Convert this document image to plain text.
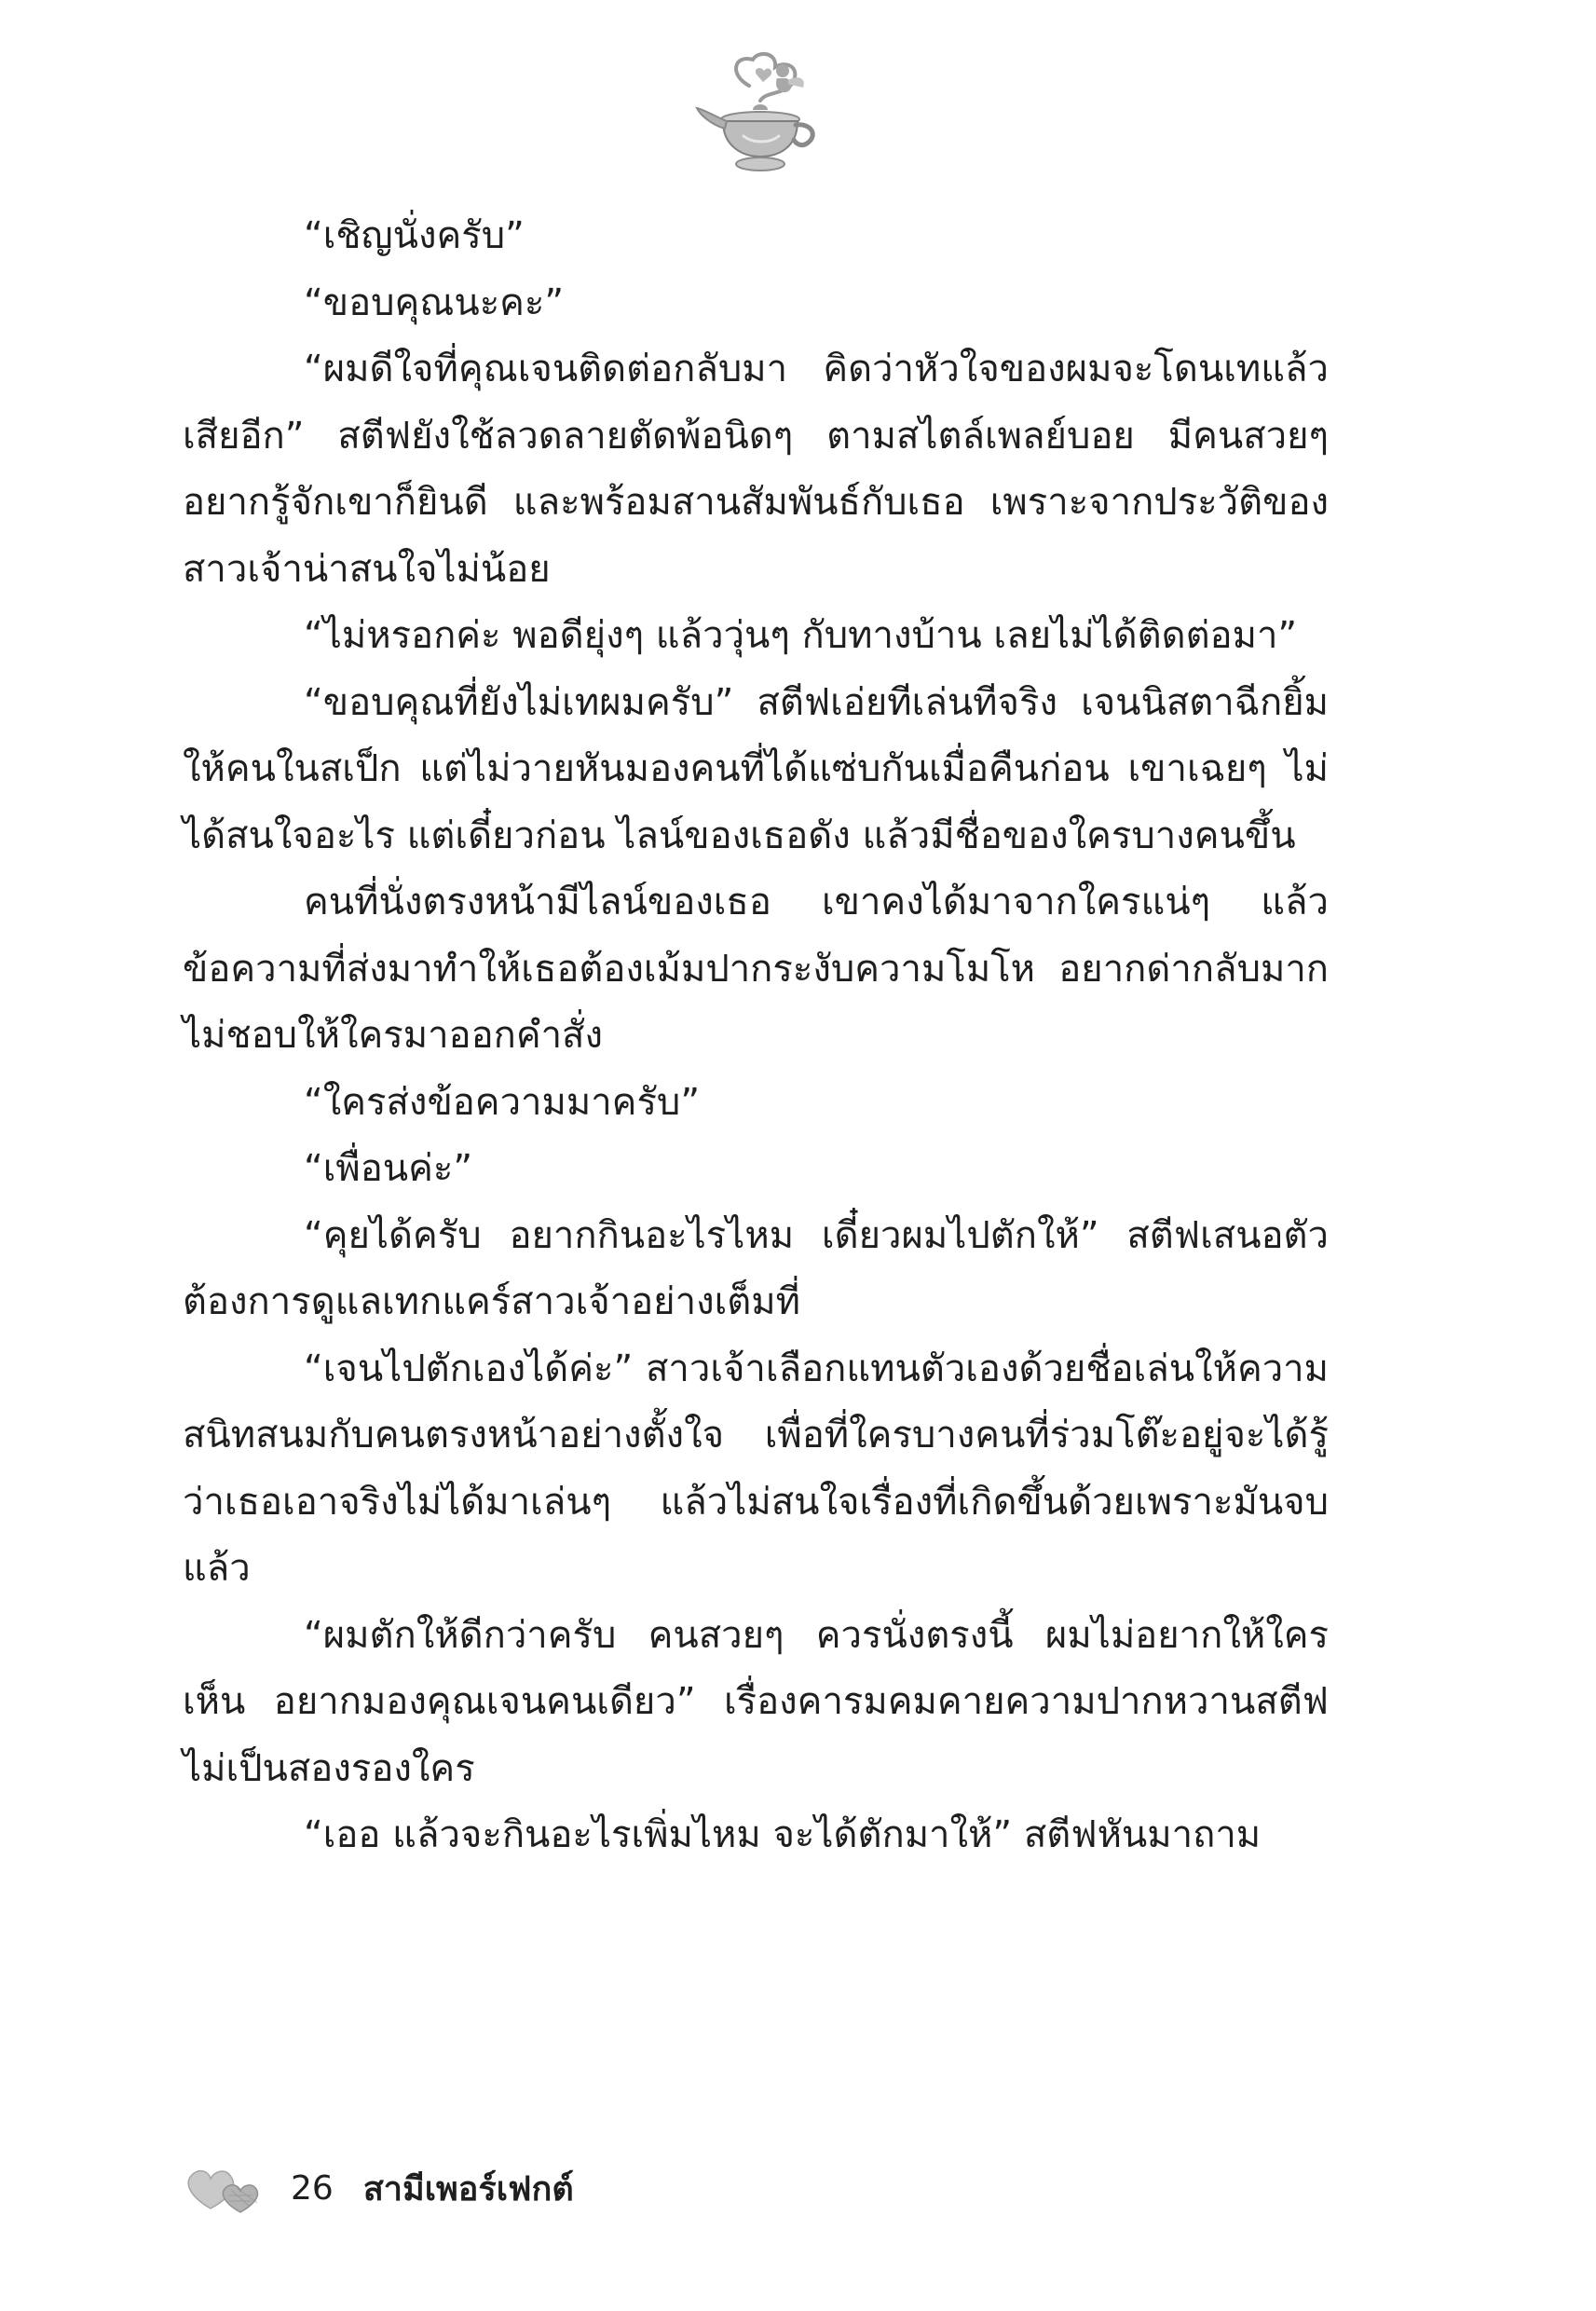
“เชิญนั่งครับ”

“ขอบคุณนะคะ”

“ผมดีใจที่คุณเจนติดต่อกลับมา คิดว่าหัวใจของผมจะโดนเทแล้วเสียอีก” สตีฟยังใช้ลวดลายตัดพ้อนิดๆ ตามสไตล์เพลย์บอย มีคนสวยๆ อยากรู้จักเขาก็ยินดี และพร้อมสานสัมพันธ์กับเธอ เพราะจากประวัติของสาวเจ้าน่าสนใจไม่น้อย

“ไม่หรอกค่ะ พอดียุ่งๆ แล้ววุ่นๆ กับทางบ้าน เลยไม่ได้ติดต่อมา”

“ขอบคุณที่ยังไม่เทผมครับ” สตีฟเอ่ยทีเล่นทีจริง เจนนิสตาฉีกยิ้มให้คนในสเป็ก แต่ไม่วายหันมองคนที่ได้แซ่บกันเมื่อคืนก่อน เขาเฉยๆ ไม่ได้สนใจอะไร แต่เดี๋ยวก่อน ไลน์ของเธอดัง แล้วมีชื่อของใครบางคนขึ้น

คนที่นั่งตรงหน้ามีไลน์ของเธอ เขาคงได้มาจากใครแน่ๆ แล้วข้อความที่ส่งมาทำให้เธอต้องเม้มปากระงับความโมโห อยากด่ากลับมาก ไม่ชอบให้ใครมาออกคำสั่ง

“ใครส่งข้อความมาครับ”

“เพื่อนค่ะ”

“คุยได้ครับ อยากกินอะไรไหม เดี๋ยวผมไปตักให้” สตีฟเสนอตัวต้องการดูแลเทกแคร์สาวเจ้าอย่างเต็มที่

“เจนไปตักเองได้ค่ะ” สาวเจ้าเลือกแทนตัวเองด้วยชื่อเล่นให้ความสนิทสนมกับคนตรงหน้าอย่างตั้งใจ เพื่อที่ใครบางคนที่ร่วมโต๊ะอยู่จะได้รู้ว่าเธอเอาจริงไม่ได้มาเล่นๆ แล้วไม่สนใจเรื่องที่เกิดขึ้นด้วยเพราะมันจบแล้ว

“ผมตักให้ดีกว่าครับ คนสวยๆ ควรนั่งตรงนี้ ผมไม่อยากให้ใครเห็น อยากมองคุณเจนคนเดียว” เรื่องคารมคมคายความปากหวานสตีฟไม่เป็นสองรองใคร

“เออ แล้วจะกินอะไรเพิ่มไหม จะได้ตักมาให้” สตีฟหันมาถาม

26 สามีเพอร์เฟกต์
